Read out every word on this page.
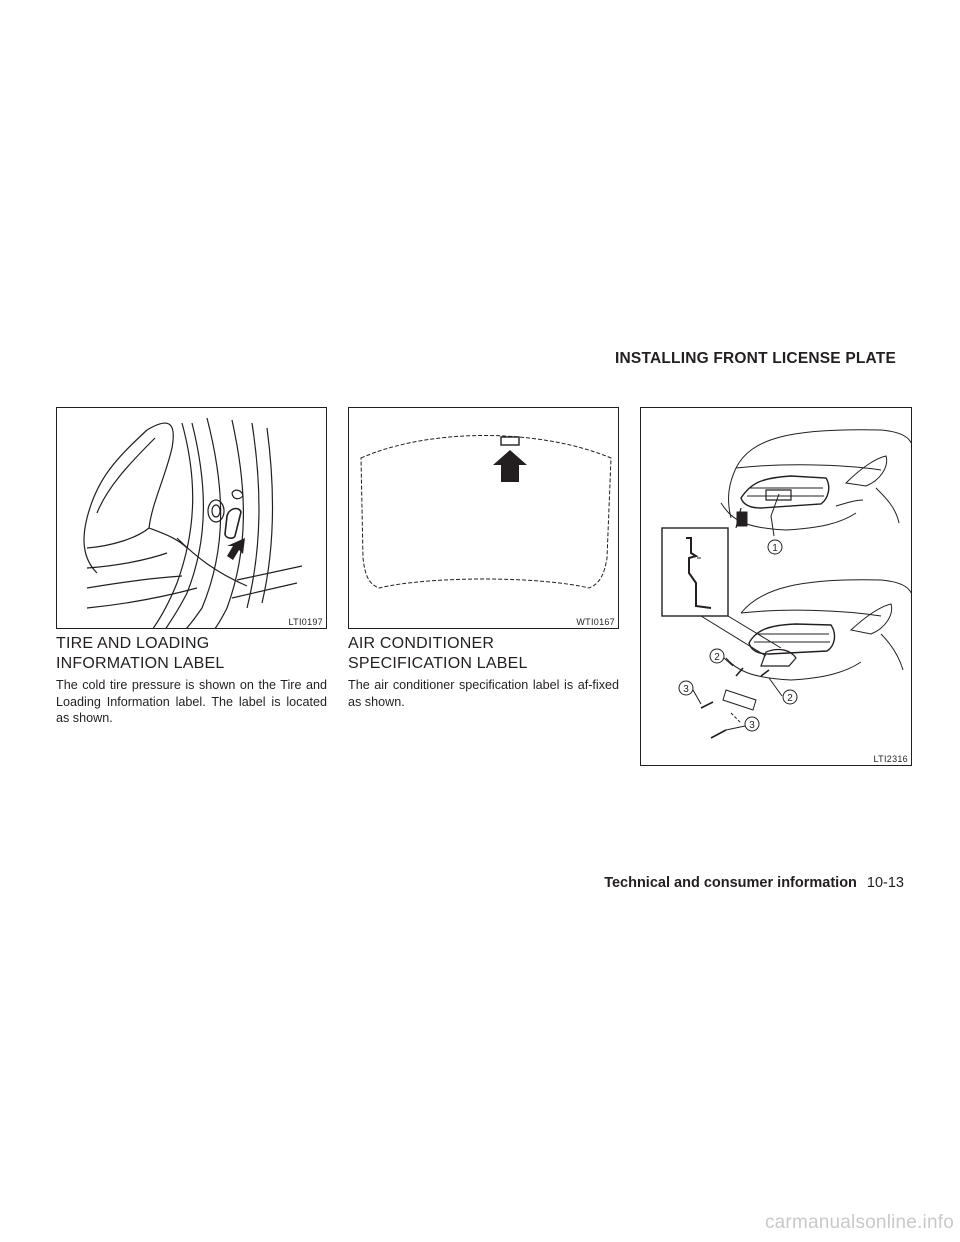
INSTALLING FRONT LICENSE PLATE
LTI0197	WTI0167
1
2
2
3
3
LTI2316
TIRE AND LOADING INFORMATION LABEL
The cold tire pressure is shown on the Tire and Loading Information label. The label is located as shown.
AIR CONDITIONER SPECIFICATION LABEL
The air conditioner specification label is af-fixed as shown.
Technical and consumer information 10-13
carmanualsonline.info
